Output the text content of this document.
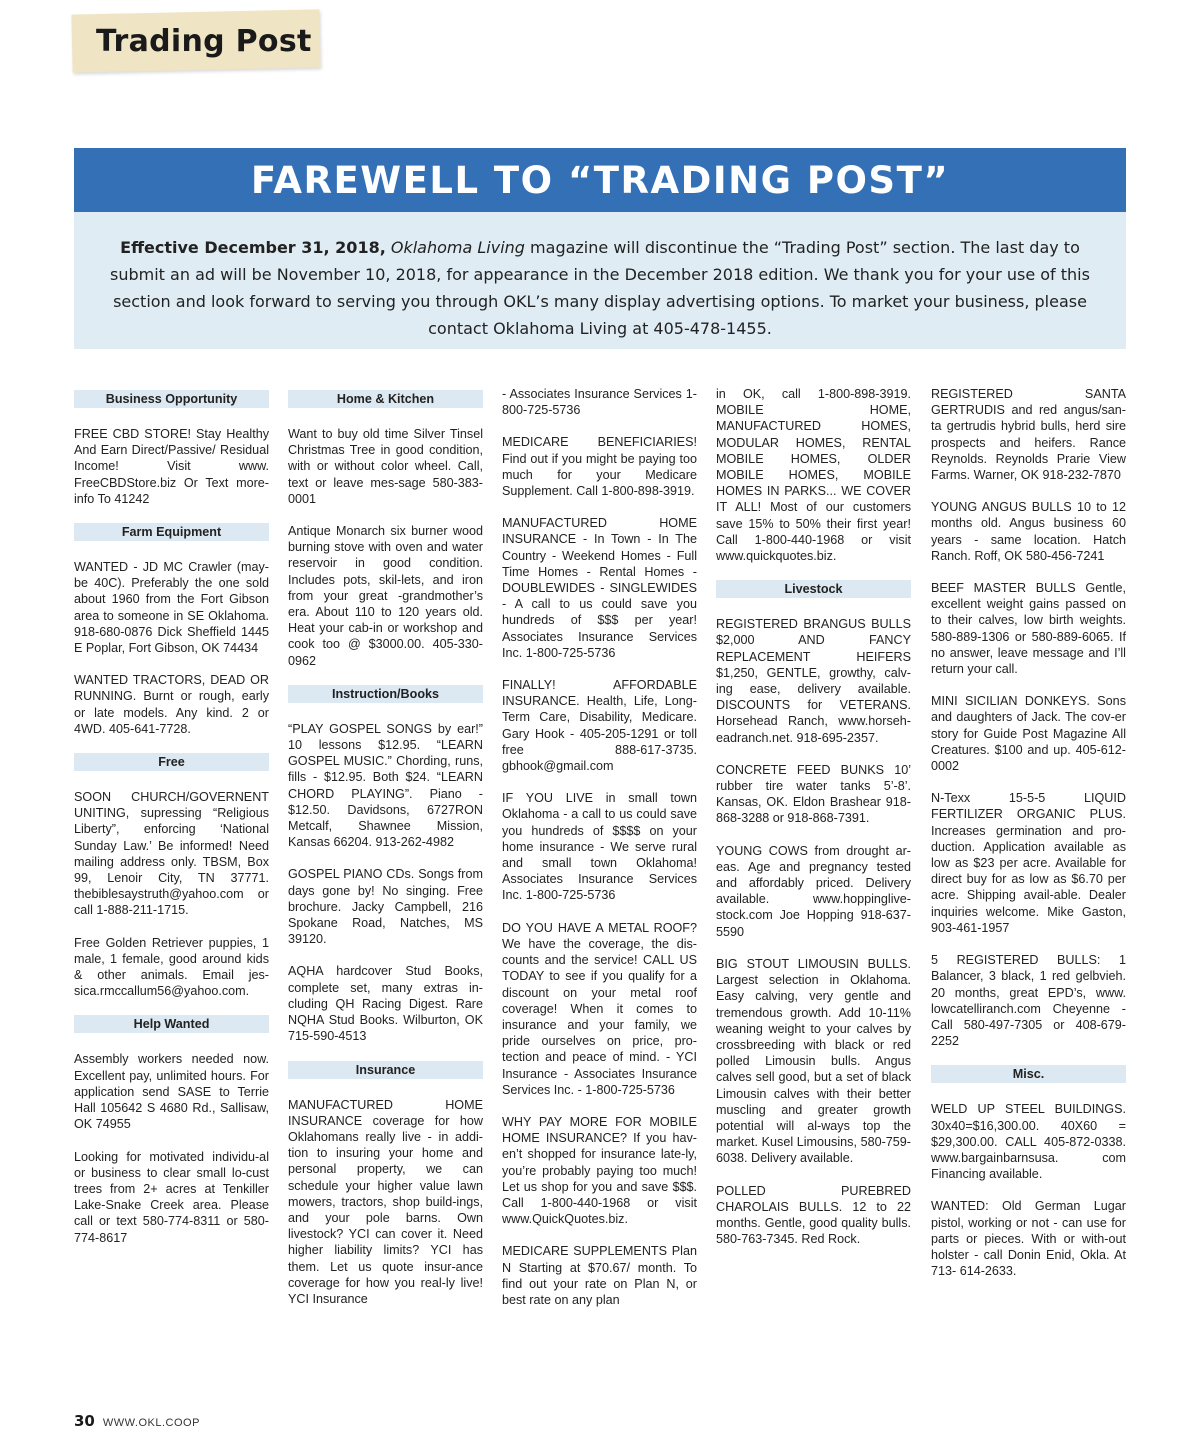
Trading Post
FAREWELL TO “TRADING POST”
Effective December 31, 2018, Oklahoma Living magazine will discontinue the “Trading Post” section. The last day to submit an ad will be November 10, 2018, for appearance in the December 2018 edition. We thank you for your use of this section and look forward to serving you through OKL’s many display advertising options. To market your business, please contact Oklahoma Living at 405-478-1455.
Business Opportunity

FREE CBD STORE! Stay Healthy And Earn Direct/Passive/ Residual Income! Visit www. FreeCBDStore.biz Or Text more-info To 41242

Farm Equipment

WANTED - JD MC Crawler (may-be 40C). Preferably the one sold about 1960 from the Fort Gibson area to someone in SE Oklahoma. 918-680-0876 Dick Sheffield 1445 E Poplar, Fort Gibson, OK 74434

WANTED TRACTORS, DEAD OR RUNNING. Burnt or rough, early or late models. Any kind. 2 or 4WD. 405-641-7728.

Free

SOON CHURCH/GOVERNENT UNITING, supressing “Religious Liberty”, enforcing ‘National Sunday Law.’ Be informed! Need mailing address only. TBSM, Box 99, Lenoir City, TN 37771. thebiblesaystruth@yahoo.com or call 1-888-211-1715.

Free Golden Retriever puppies, 1 male, 1 female, good around kids & other animals. Email jes-sica.rmccallum56@yahoo.com.

Help Wanted

Assembly workers needed now. Excellent pay, unlimited hours. For application send SASE to Terrie Hall 105642 S 4680 Rd., Sallisaw, OK 74955

Looking for motivated individu-al or business to clear small lo-cust trees from 2+ acres at Tenkiller Lake-Snake Creek area. Please call or text 580-774-8311 or 580-774-8617

Home & Kitchen

Want to buy old time Silver Tinsel Christmas Tree in good condition, with or without color wheel. Call, text or leave mes-sage 580-383-0001

Antique Monarch six burner wood burning stove with oven and water reservoir in good condition. Includes pots, skil-lets, and iron from your great -grandmother’s era. About 110 to 120 years old. Heat your cab-in or workshop and cook too @ $3000.00. 405-330-0962

Instruction/Books

“PLAY GOSPEL SONGS by ear!” 10 lessons $12.95. “LEARN GOSPEL MUSIC.” Chording, runs, fills - $12.95. Both $24. “LEARN CHORD PLAYING”. Piano - $12.50. Davidsons, 6727RON Metcalf, Shawnee Mission, Kansas 66204. 913-262-4982

GOSPEL PIANO CDs. Songs from days gone by! No singing. Free brochure. Jacky Campbell, 216 Spokane Road, Natches, MS 39120.

AQHA hardcover Stud Books, complete set, many extras in-cluding QH Racing Digest. Rare NQHA Stud Books. Wilburton, OK 715-590-4513

Insurance

MANUFACTURED HOME INSURANCE coverage for how Oklahomans really live - in addi-tion to insuring your home and personal property, we can schedule your higher value lawn mowers, tractors, shop build-ings, and your pole barns. Own livestock? YCI can cover it. Need higher liability limits? YCI has them. Let us quote insur-ance coverage for how you real-ly live! YCI Insurance

- Associates Insurance Services 1-800-725-5736

MEDICARE BENEFICIARIES! Find out if you might be paying too much for your Medicare Supplement. Call 1-800-898-3919.

MANUFACTURED HOME INSURANCE - In Town - In The Country - Weekend Homes - Full Time Homes - Rental Homes - DOUBLEWIDES - SINGLEWIDES - A call to us could save you hundreds of $$$ per year! Associates Insurance Services Inc. 1-800-725-5736

FINALLY! AFFORDABLE INSURANCE. Health, Life, Long-Term Care, Disability, Medicare. Gary Hook - 405-205-1291 or toll free 888-617-3735. gbhook@gmail.com

IF YOU LIVE in small town Oklahoma - a call to us could save you hundreds of $$$$ on your home insurance - We serve rural and small town Oklahoma! Associates Insurance Services Inc. 1-800-725-5736

DO YOU HAVE A METAL ROOF? We have the coverage, the dis-counts and the service! CALL US TODAY to see if you qualify for a discount on your metal roof coverage! When it comes to insurance and your family, we pride ourselves on price, pro-tection and peace of mind. - YCI Insurance - Associates Insurance Services Inc. - 1-800-725-5736

WHY PAY MORE FOR MOBILE HOME INSURANCE? If you hav-en’t shopped for insurance late-ly, you’re probably paying too much! Let us shop for you and save $$$. Call 1-800-440-1968 or visit www.QuickQuotes.biz.

MEDICARE SUPPLEMENTS Plan N Starting at $70.67/ month. To find out your rate on Plan N, or best rate on any plan

in OK, call 1-800-898-3919. MOBILE HOME, MANUFACTURED HOMES, MODULAR HOMES, RENTAL MOBILE HOMES, OLDER MOBILE HOMES, MOBILE HOMES IN PARKS... WE COVER IT ALL! Most of our customers save 15% to 50% their first year! Call 1-800-440-1968 or visit www.quickquotes.biz.

Livestock

REGISTERED BRANGUS BULLS $2,000 AND FANCY REPLACEMENT HEIFERS $1,250, GENTLE, growthy, calv-ing ease, delivery available. DISCOUNTS for VETERANS. Horsehead Ranch, www.horseh-eadranch.net. 918-695-2357.

CONCRETE FEED BUNKS 10’ rubber tire water tanks 5’-8’. Kansas, OK. Eldon Brashear 918-868-3288 or 918-868-7391.

YOUNG COWS from drought ar-eas. Age and pregnancy tested and affordably priced. Delivery available. www.hoppinglive-stock.com Joe Hopping 918-637-5590

BIG STOUT LIMOUSIN BULLS. Largest selection in Oklahoma. Easy calving, very gentle and tremendous growth. Add 10-11% weaning weight to your calves by crossbreeding with black or red polled Limousin bulls. Angus calves sell good, but a set of black Limousin calves with their better muscling and greater growth potential will al-ways top the market. Kusel Limousins, 580-759-6038. Delivery available.

POLLED PUREBRED CHAROLAIS BULLS. 12 to 22 months. Gentle, good quality bulls. 580-763-7345. Red Rock.

REGISTERED SANTA GERTRUDIS and red angus/san-ta gertrudis hybrid bulls, herd sire prospects and heifers. Rance Reynolds. Reynolds Prarie View Farms. Warner, OK 918-232-7870

YOUNG ANGUS BULLS 10 to 12 months old. Angus business 60 years - same location. Hatch Ranch. Roff, OK 580-456-7241

BEEF MASTER BULLS Gentle, excellent weight gains passed on to their calves, low birth weights. 580-889-1306 or 580-889-6065. If no answer, leave message and I’ll return your call.

MINI SICILIAN DONKEYS. Sons and daughters of Jack. The cov-er story for Guide Post Magazine All Creatures. $100 and up. 405-612-0002

N-Texx 15-5-5 LIQUID FERTILIZER ORGANIC PLUS. Increases germination and pro-duction. Application available as low as $23 per acre. Available for direct buy for as low as $6.70 per acre. Shipping avail-able. Dealer inquiries welcome. Mike Gaston, 903-461-1957

5 REGISTERED BULLS: 1 Balancer, 3 black, 1 red gelbvieh. 20 months, great EPD’s, www. lowcatelliranch.com Cheyenne - Call 580-497-7305 or 408-679-2252

Misc.

WELD UP STEEL BUILDINGS. 30x40=$16,300.00. 40X60 = $29,300.00. CALL 405-872-0338. www.bargainbarnsusa. com Financing available.

WANTED: Old German Lugar pistol, working or not - can use for parts or pieces. With or with-out holster - call Donin Enid, Okla. At 713- 614-2633.

30 WWW.OKL.COOP
